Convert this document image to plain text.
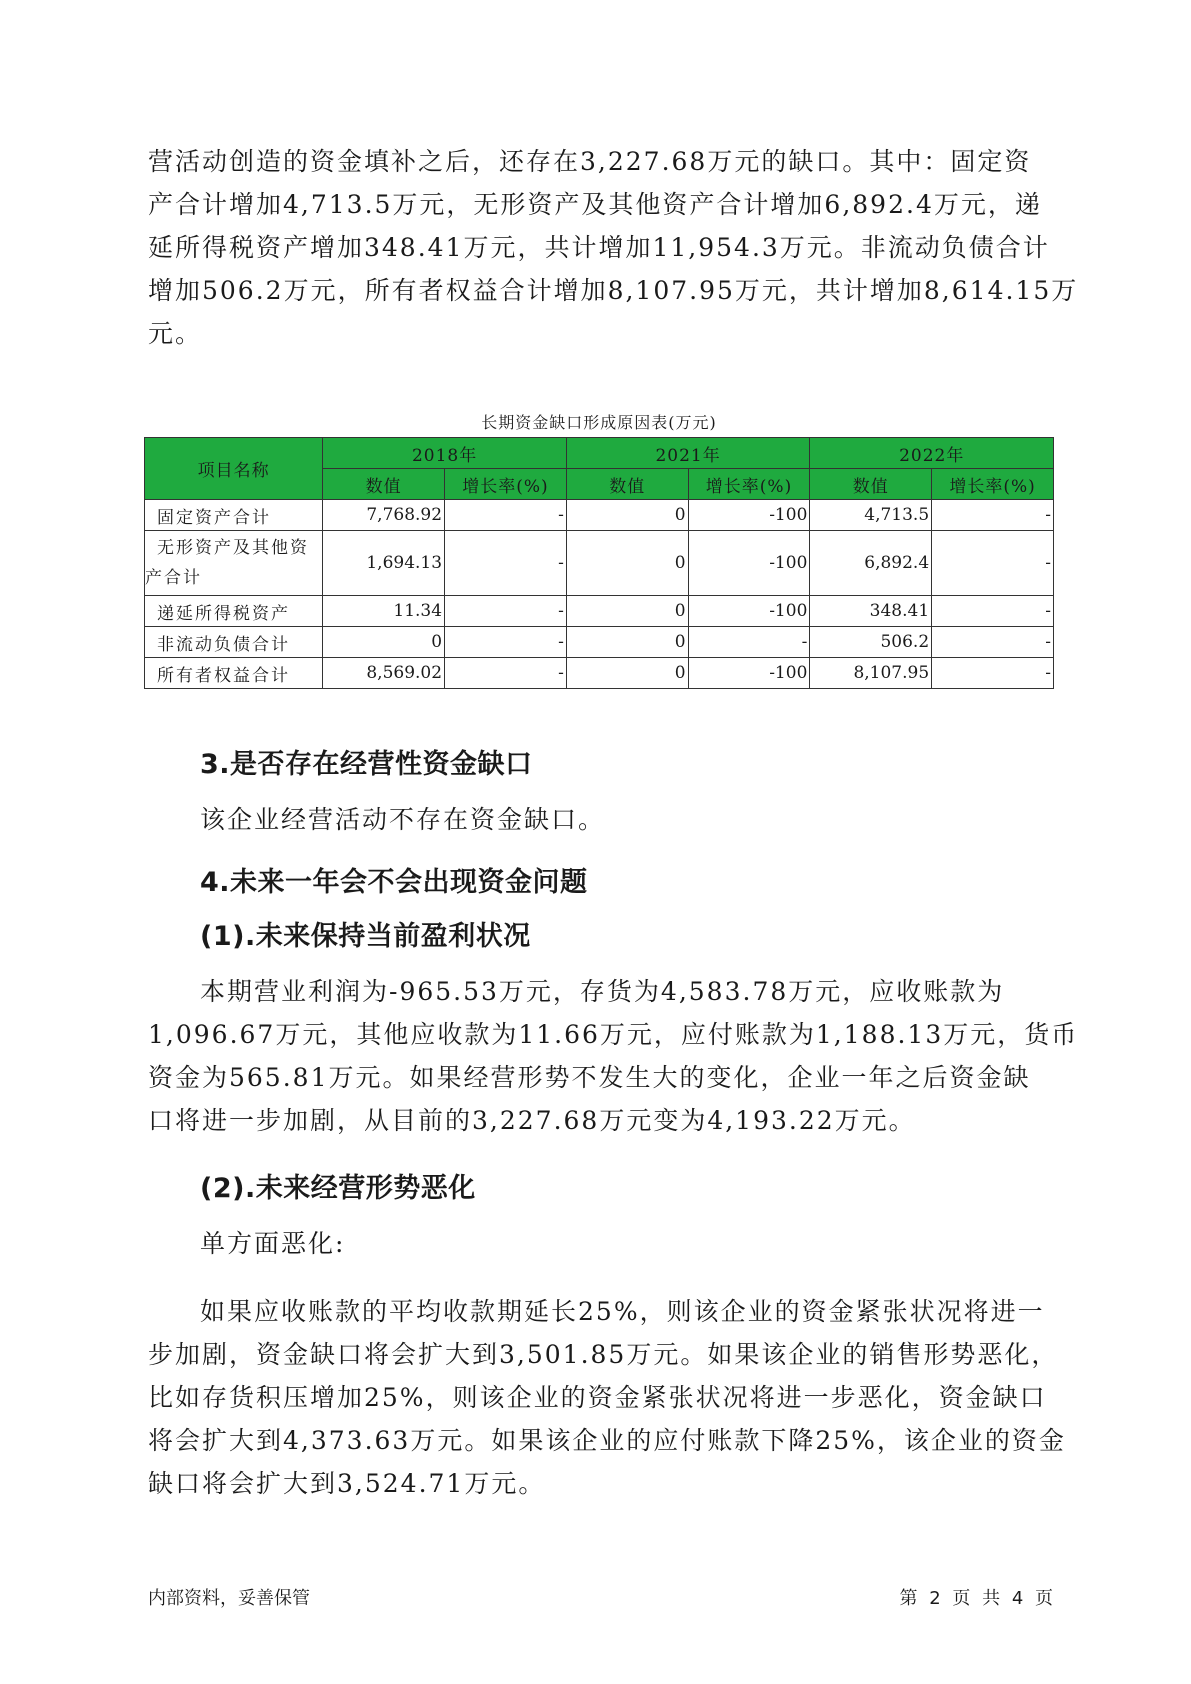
营活动创造的资金填补之后，还存在3,227.68万元的缺口。其中：固定资
产合计增加4,713.5万元，无形资产及其他资产合计增加6,892.4万元，递
延所得税资产增加348.41万元，共计增加11,954.3万元。非流动负债合计
增加506.2万元，所有者权益合计增加8,107.95万元，共计增加8,614.15万
元。

长期资金缺口形成原因表(万元)

项目名称	2018年		2021年		2022年	
	数值	增长率(%)	数值	增长率(%)	数值	增长率(%)
固定资产合计	7,768.92	-	0	-100	4,713.5	-

无形资产及其他资
产合计	1,694.13	-	0	-100	6,892.4	-
递延所得税资产	11.34	-	0	-100	348.41	-
非流动负债合计	0	-	0	-	506.2	-
所有者权益合计	8,569.02	-	0	-100	8,107.95	-
3.是否存在经营性资金缺口
该企业经营活动不存在资金缺口。
4.未来一年会不会出现资金问题
(1).未来保持当前盈利状况
本期营业利润为-965.53万元，存货为4,583.78万元，应收账款为
1,096.67万元，其他应收款为11.66万元，应付账款为1,188.13万元，货币
资金为565.81万元。如果经营形势不发生大的变化，企业一年之后资金缺
口将进一步加剧，从目前的3,227.68万元变为4,193.22万元。
(2).未来经营形势恶化
单方面恶化:
如果应收账款的平均收款期延长25%，则该企业的资金紧张状况将进一
步加剧，资金缺口将会扩大到3,501.85万元。如果该企业的销售形势恶化，
比如存货积压增加25%，则该企业的资金紧张状况将进一步恶化，资金缺口
将会扩大到4,373.63万元。如果该企业的应付账款下降25%，该企业的资金
缺口将会扩大到3,524.71万元。

内部资料，妥善保管	第 2 页 共 4 页
